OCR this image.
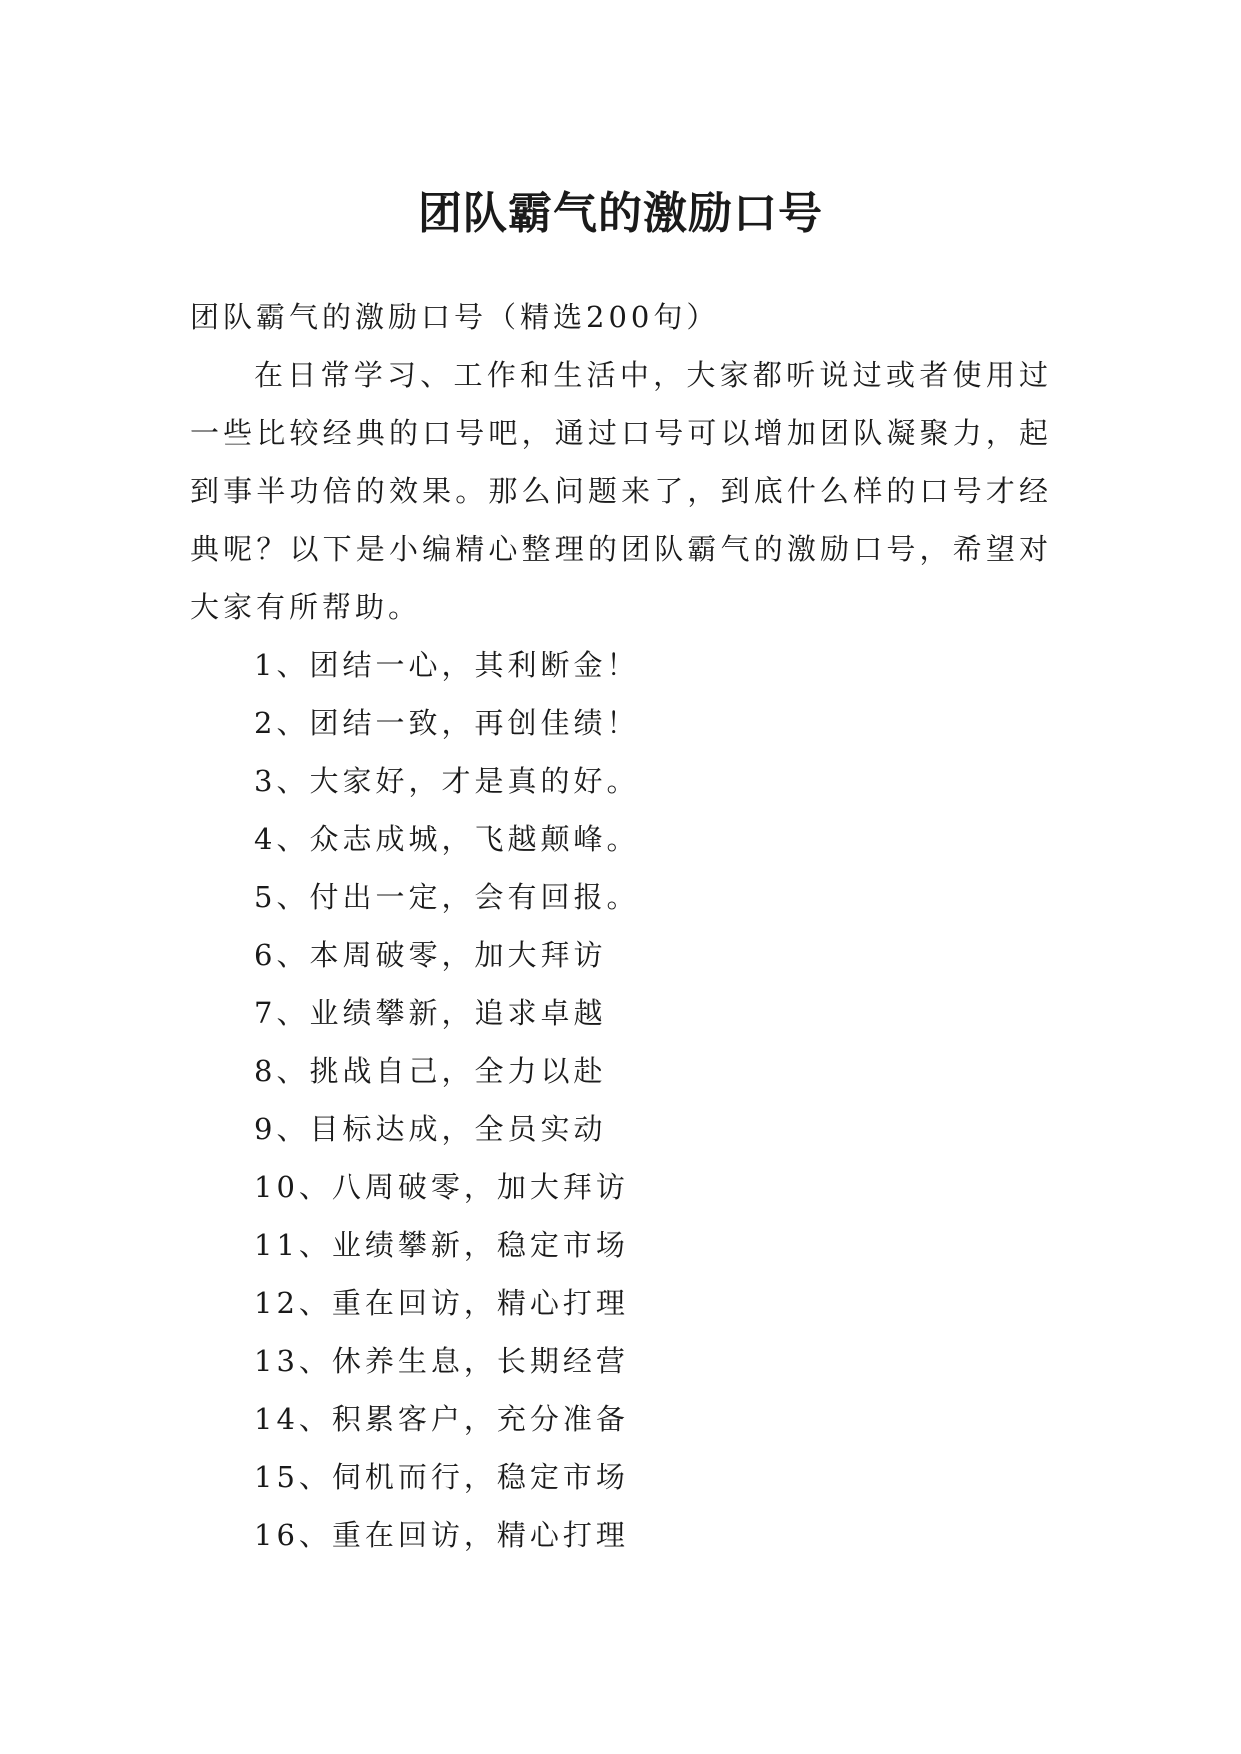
团队霸气的激励口号

团队霸气的激励口号（精选200句）

在日常学习、工作和生活中，大家都听说过或者使用过一些比较经典的口号吧，通过口号可以增加团队凝聚力，起到事半功倍的效果。那么问题来了，到底什么样的口号才经典呢？以下是小编精心整理的团队霸气的激励口号，希望对大家有所帮助。

1、团结一心，其利断金！
2、团结一致，再创佳绩！
3、大家好，才是真的好。
4、众志成城，飞越颠峰。
5、付出一定，会有回报。
6、本周破零，加大拜访
7、业绩攀新，追求卓越
8、挑战自己，全力以赴
9、目标达成，全员实动
10、八周破零，加大拜访
11、业绩攀新，稳定市场
12、重在回访，精心打理
13、休养生息，长期经营
14、积累客户，充分准备
15、伺机而行，稳定市场
16、重在回访，精心打理
